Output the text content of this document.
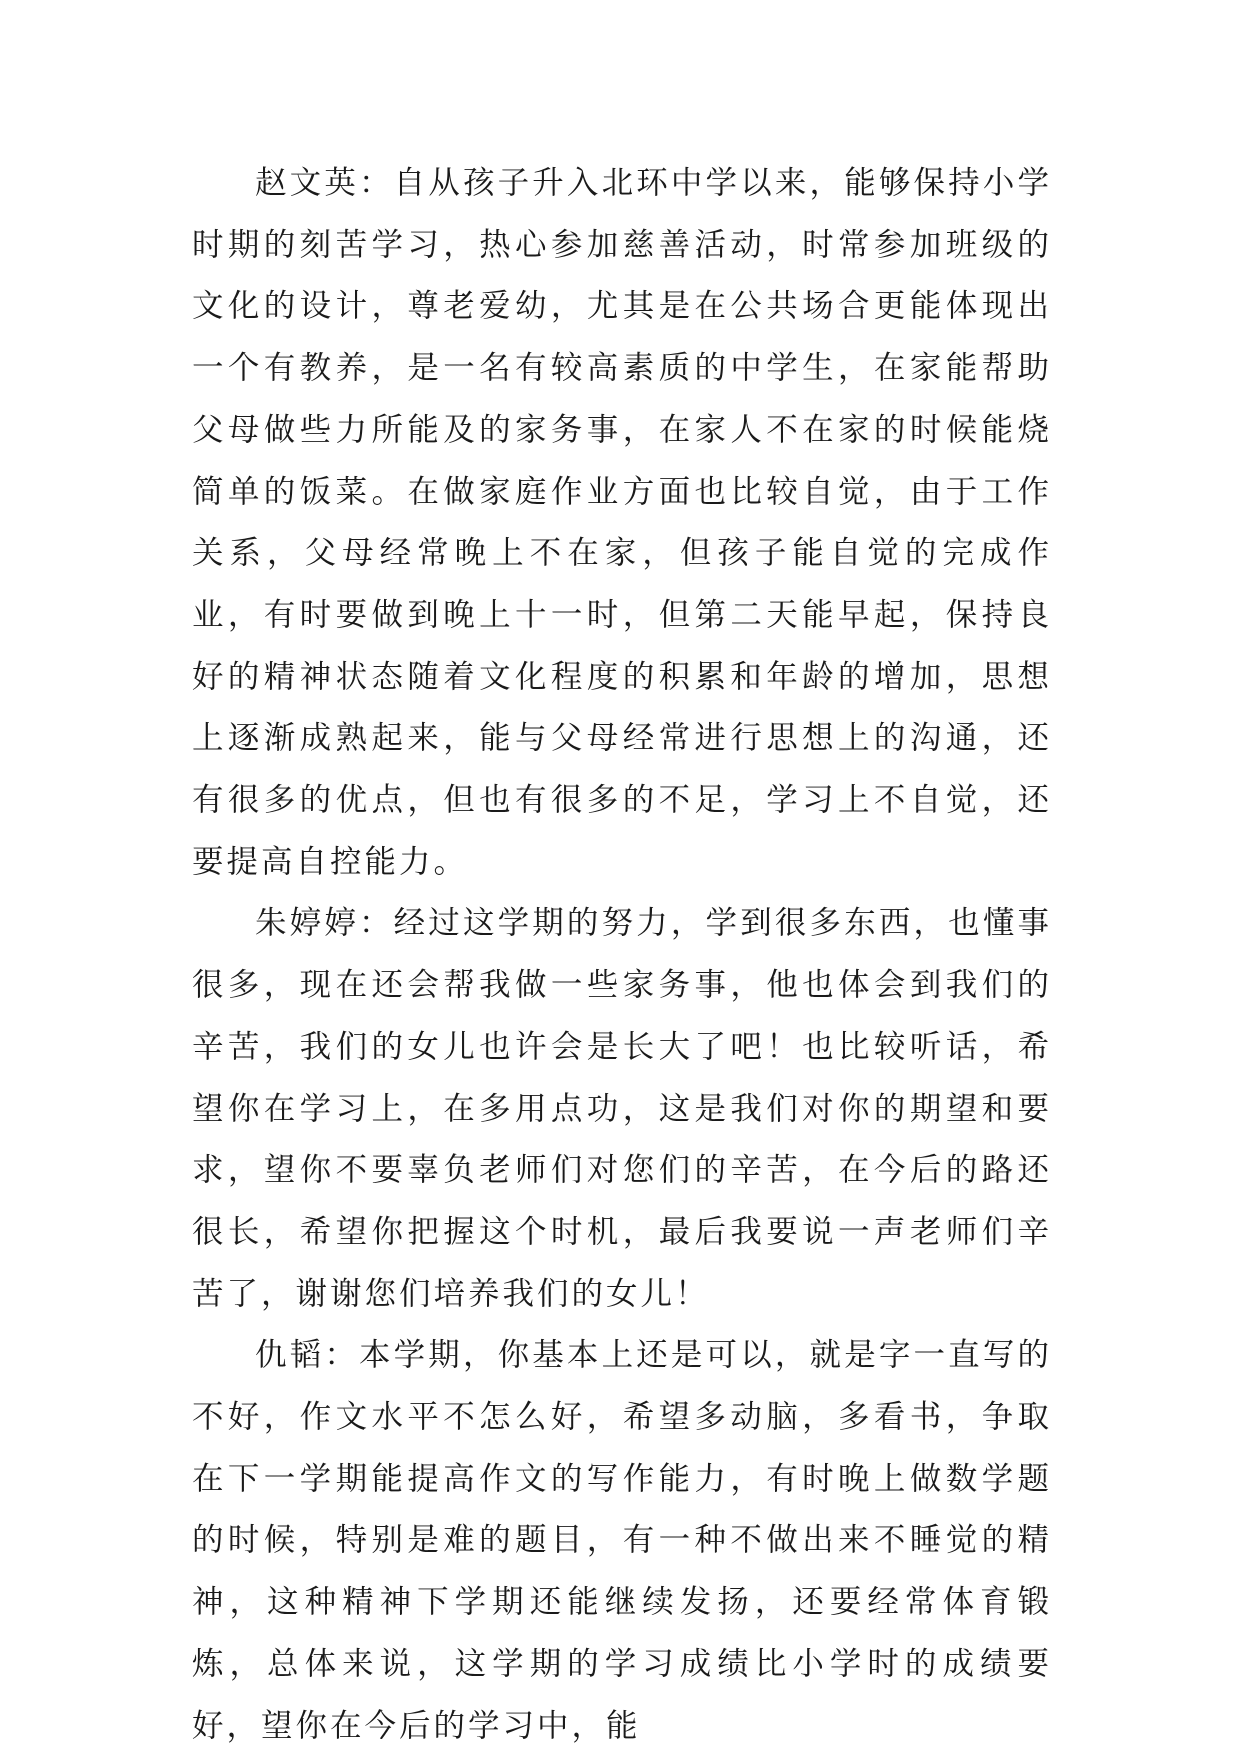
赵文英：自从孩子升入北环中学以来，能够保持小学时期的刻苦学习，热心参加慈善活动，时常参加班级的文化的设计，尊老爱幼，尤其是在公共场合更能体现出一个有教养，是一名有较高素质的中学生，在家能帮助父母做些力所能及的家务事，在家人不在家的时候能烧简单的饭菜。在做家庭作业方面也比较自觉，由于工作关系，父母经常晚上不在家，但孩子能自觉的完成作业，有时要做到晚上十一时，但第二天能早起，保持良好的精神状态随着文化程度的积累和年龄的增加，思想上逐渐成熟起来，能与父母经常进行思想上的沟通，还有很多的优点，但也有很多的不足，学习上不自觉，还要提高自控能力。

朱婷婷：经过这学期的努力，学到很多东西，也懂事很多，现在还会帮我做一些家务事，他也体会到我们的辛苦，我们的女儿也许会是长大了吧！也比较听话，希望你在学习上，在多用点功，这是我们对你的期望和要求，望你不要辜负老师们对您们的辛苦，在今后的路还很长，希望你把握这个时机，最后我要说一声老师们辛苦了，谢谢您们培养我们的女儿！

仇韬：本学期，你基本上还是可以，就是字一直写的不好，作文水平不怎么好，希望多动脑，多看书，争取在下一学期能提高作文的写作能力，有时晚上做数学题的时候，特别是难的题目，有一种不做出来不睡觉的精神，这种精神下学期还能继续发扬，还要经常体育锻炼，总体来说，这学期的学习成绩比小学时的成绩要好，望你在今后的学习中，能
